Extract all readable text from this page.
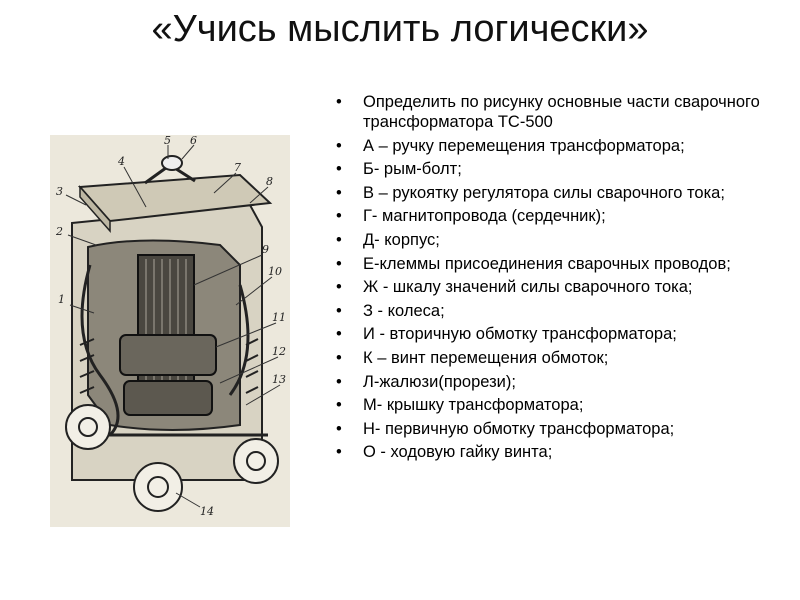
«Учись мыслить логически»
1
2
3
4
5 6
7
8
9
10
11
12
13
14
• Определить по рисунку основные части сварочного трансформатора ТС-500
• А – ручку перемещения трансформатора;
• Б- рым-болт;
• В – рукоятку регулятора силы сварочного тока;
• Г- магнитопровода (сердечник);
• Д- корпус;
• Е-клеммы присоединения сварочных проводов;
• Ж - шкалу значений силы сварочного тока;
• З - колеса;
• И - вторичную обмотку трансформатора;
• К – винт перемещения обмоток;
• Л-жалюзи(прорези);
• М- крышку трансформатора;
• Н- первичную обмотку трансформатора;
• О - ходовую гайку винта;
